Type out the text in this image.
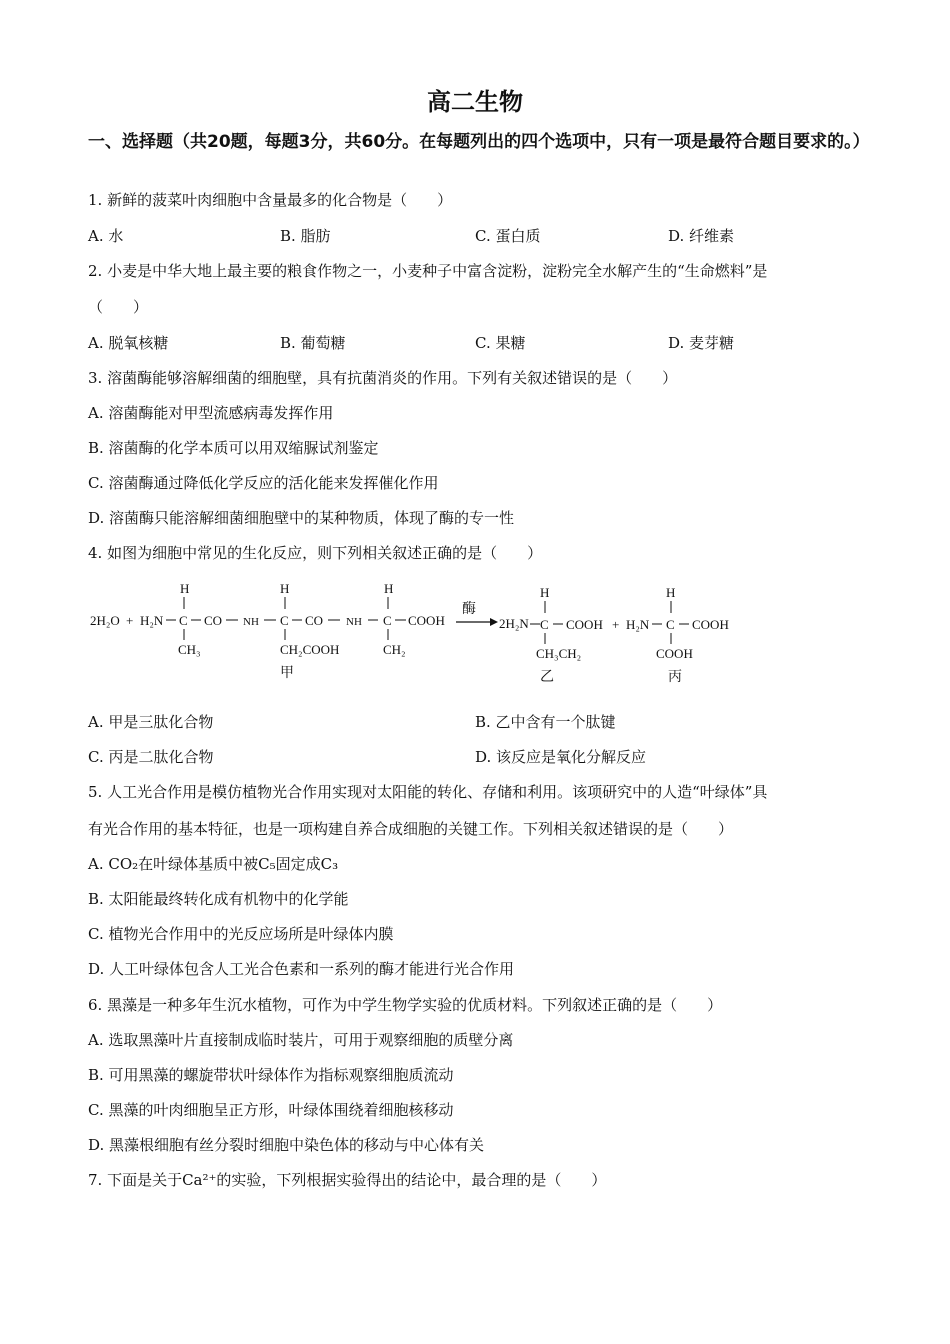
高二生物
一、选择题（共20题，每题3分，共60分。在每题列出的四个选项中，只有一项是最符合题目要求的。）
1. 新鲜的菠菜叶肉细胞中含量最多的化合物是（　　）
A. 水	B. 脂肪	C. 蛋白质	D. 纤维素
2. 小麦是中华大地上最主要的粮食作物之一，小麦种子中富含淀粉，淀粉完全水解产生的“生命燃料”是
（　　）
A. 脱氧核糖	B. 葡萄糖	C. 果糖	D. 麦芽糖
3. 溶菌酶能够溶解细菌的细胞壁，具有抗菌消炎的作用。下列有关叙述错误的是（　　）
A. 溶菌酶能对甲型流感病毒发挥作用
B. 溶菌酶的化学本质可以用双缩脲试剂鉴定
C. 溶菌酶通过降低化学反应的活化能来发挥催化作用
D. 溶菌酶只能溶解细菌细胞壁中的某种物质，体现了酶的专一性
4. 如图为细胞中常见的生化反应，则下列相关叙述正确的是（　　）
2H₂O + H₂N
H
C
CH₃
CO NH
H
C
CH₂COOH
CO NH
H
C
CH₂
COOH
甲
酶
2H₂N
H
C
CH₃CH₂
COOH
乙
+ H₂N
H
C
COOH
COOH
丙
A. 甲是三肽化合物	B. 乙中含有一个肽键
C. 丙是二肽化合物	D. 该反应是氧化分解反应
5. 人工光合作用是模仿植物光合作用实现对太阳能的转化、存储和利用。该项研究中的人造“叶绿体”具
有光合作用的基本特征，也是一项构建自养合成细胞的关键工作。下列相关叙述错误的是（　　）
A. CO₂在叶绿体基质中被C₅固定成C₃
B. 太阳能最终转化成有机物中的化学能
C. 植物光合作用中的光反应场所是叶绿体内膜
D. 人工叶绿体包含人工光合色素和一系列的酶才能进行光合作用
6. 黑藻是一种多年生沉水植物，可作为中学生物学实验的优质材料。下列叙述正确的是（　　）
A. 选取黑藻叶片直接制成临时装片，可用于观察细胞的质壁分离
B. 可用黑藻的螺旋带状叶绿体作为指标观察细胞质流动
C. 黑藻的叶肉细胞呈正方形，叶绿体围绕着细胞核移动
D. 黑藻根细胞有丝分裂时细胞中染色体的移动与中心体有关
7. 下面是关于Ca²⁺的实验，下列根据实验得出的结论中，最合理的是（　　）
